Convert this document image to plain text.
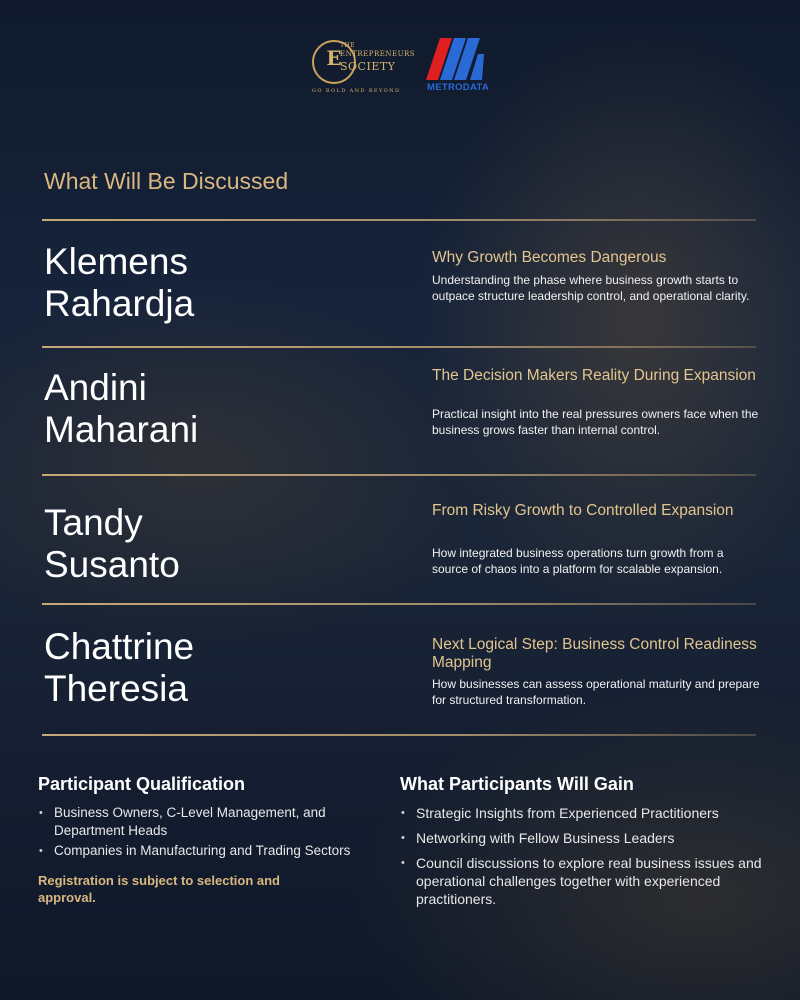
E
THE
ENTREPRENEURS
SOCIETY
GO BOLD AND BEYOND	METRODATA
What Will Be Discussed
Klemens
Rahardja
Why Growth Becomes Dangerous
Understanding the phase where business growth starts to outpace structure leadership control, and operational clarity.
Andini
Maharani
The Decision Makers Reality During Expansion
Practical insight into the real pressures owners face when the business grows faster than internal control.
Tandy
Susanto
From Risky Growth to Controlled Expansion
How integrated business operations turn growth from a source of chaos into a platform for scalable expansion.
Chattrine
Theresia
Next Logical Step: Business Control Readiness Mapping
How businesses can assess operational maturity and prepare for structured transformation.
Participant Qualification
• Business Owners, C-Level Management, and Department Heads
• Companies in Manufacturing and Trading Sectors
Registration is subject to selection and approval.
What Participants Will Gain
• Strategic Insights from Experienced Practitioners
• Networking with Fellow Business Leaders
• Council discussions to explore real business issues and operational challenges together with experienced practitioners.
